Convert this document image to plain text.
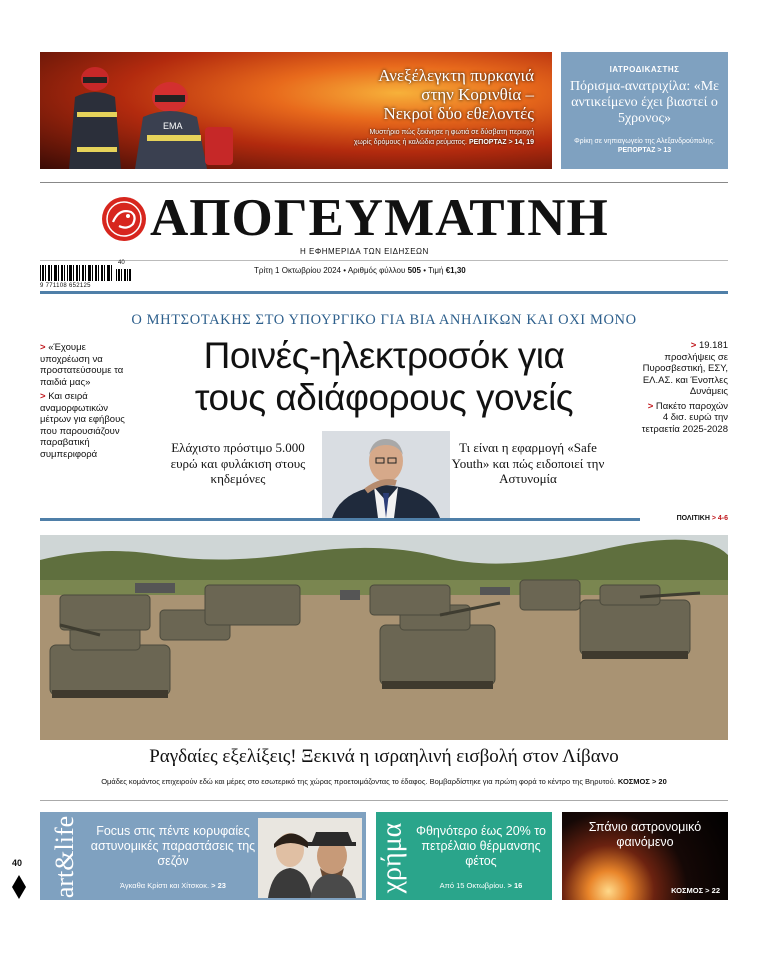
ΕΜΑ
Ανεξέλεγκτη πυρκαγιά
στην Κορινθία –
Νεκροί δύο εθελοντές
Μυστήριο πώς ξεκίνησε η φωτιά σε δύσβατη περιοχή
χωρίς δρόμους ή καλώδια ρεύματος. ΡΕΠΟΡΤΑΖ > 14, 19
ΙΑΤΡΟΔΙΚΑΣΤΗΣ
Πόρισμα-ανατριχίλα: «Με αντικείμενο έχει βιαστεί ο 5χρονος»
Φρίκη σε νηπιαγωγείο της Αλεξανδρούπολης. ΡΕΠΟΡΤΑΖ > 13
ΑΠΟΓΕΥΜΑΤΙΝΗ
Η ΕΦΗΜΕΡΙΔΑ ΤΩΝ ΕΙΔΗΣΕΩΝ
9 771108 652125
40
Τρίτη 1 Οκτωβρίου 2024 • Αριθμός φύλλου 505 • Τιμή €1,30
Ο ΜΗΤΣΟΤΑΚΗΣ ΣΤΟ ΥΠΟΥΡΓΙΚΟ ΓΙΑ ΒΙΑ ΑΝΗΛΙΚΩΝ ΚΑΙ ΟΧΙ ΜΟΝΟ
Ποινές-ηλεκτροσόκ για
τους αδιάφορους γονείς
> «Έχουμε υποχρέωση να προστατεύσουμε τα παιδιά μας»
> Και σειρά αναμορφωτικών μέτρων για εφήβους που παρουσιάζουν παραβατική συμπεριφορά
> 19.181 προσλήψεις σε Πυροσβεστική, ΕΣΥ, ΕΛ.ΑΣ. και Ένοπλες Δυνάμεις
> Πακέτο παροχών 4 δισ. ευρώ την τετραετία 2025-2028
Ελάχιστο πρόστιμο 5.000 ευρώ και φυλάκιση στους κηδεμόνες
Τι είναι η εφαρμογή «Safe Youth» και πώς ειδοποιεί την Αστυνομία
ΠΟΛΙΤΙΚΗ > 4-6
Ραγδαίες εξελίξεις! Ξεκινά η ισραηλινή εισβολή στον Λίβανο
Ομάδες κομάντος επιχειρούν εδώ και μέρες στο εσωτερικό της χώρας προετοιμάζοντας το έδαφος. Βομβαρδίστηκε για πρώτη φορά το κέντρο της Βηρυτού. ΚΟΣΜΟΣ > 20
art&life	Focus στις πέντε κορυφαίες αστυνομικές παραστάσεις της σεζόν
Άγκαθα Κρίστι και Χίτσκοκ. > 23	χρήμα Φθηνότερο έως 20% το πετρέλαιο θέρμανσης φέτος
Από 15 Οκτωβρίου. > 16
Σπάνιο αστρονομικό φαινόμενο
ΚΟΣΜΟΣ > 22
40
